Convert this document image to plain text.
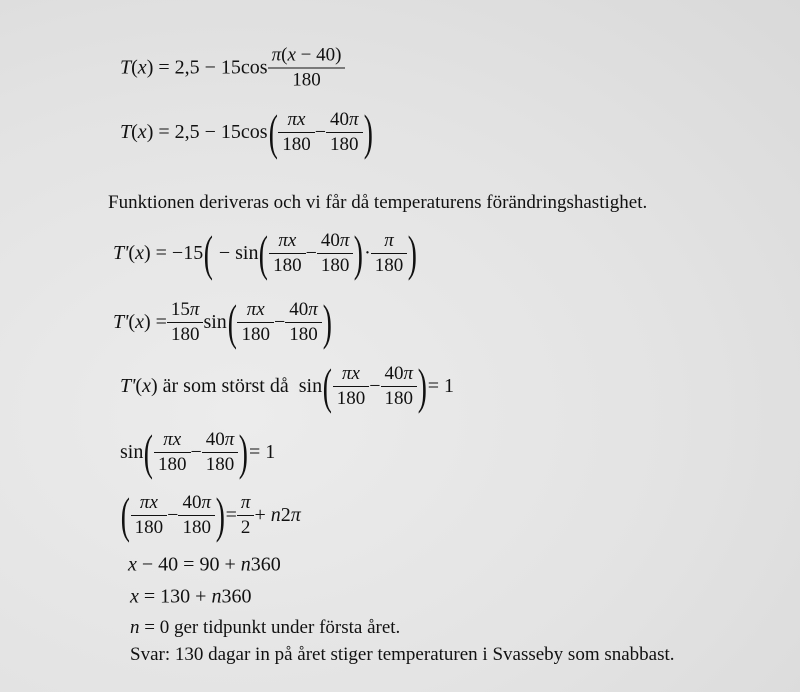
T ( x ) = $2,5 - 15\cos \frac{\pi(x - 40)}{180}$
T ( x ) = 2,5 − 15cos ( $\frac{\pi x}{180} - \frac{40\pi}{180}$ )
Funktionen deriveras och vi får då temperaturens förändringshastighet.
T' ( x ) = −15 ( − sin ( $\frac{\pi x}{180} - \frac{40\pi}{180}$ ) · $\frac{\pi}{180}$ )
T' ( x ) = $\frac{15\pi}{180}$ sin ( $\frac{\pi x}{180} - \frac{40\pi}{180}$ )
T' ( x ) är som störst då  sin ( $\frac{\pi x}{180} - \frac{40\pi}{180}$ ) = 1
sin ( $\frac{\pi x}{180} - \frac{40\pi}{180}$ ) = 1
( $\frac{\pi x}{180} - \frac{40\pi}{180}$ ) = $\frac{\pi}{2} + n$ 2 π
x − 40 = 90 + n 360
x = 130 + n 360
n = 0 ger tidpunkt under första året.
Svar: 130 dagar in på året stiger temperaturen i Svasseby som snabbast.
